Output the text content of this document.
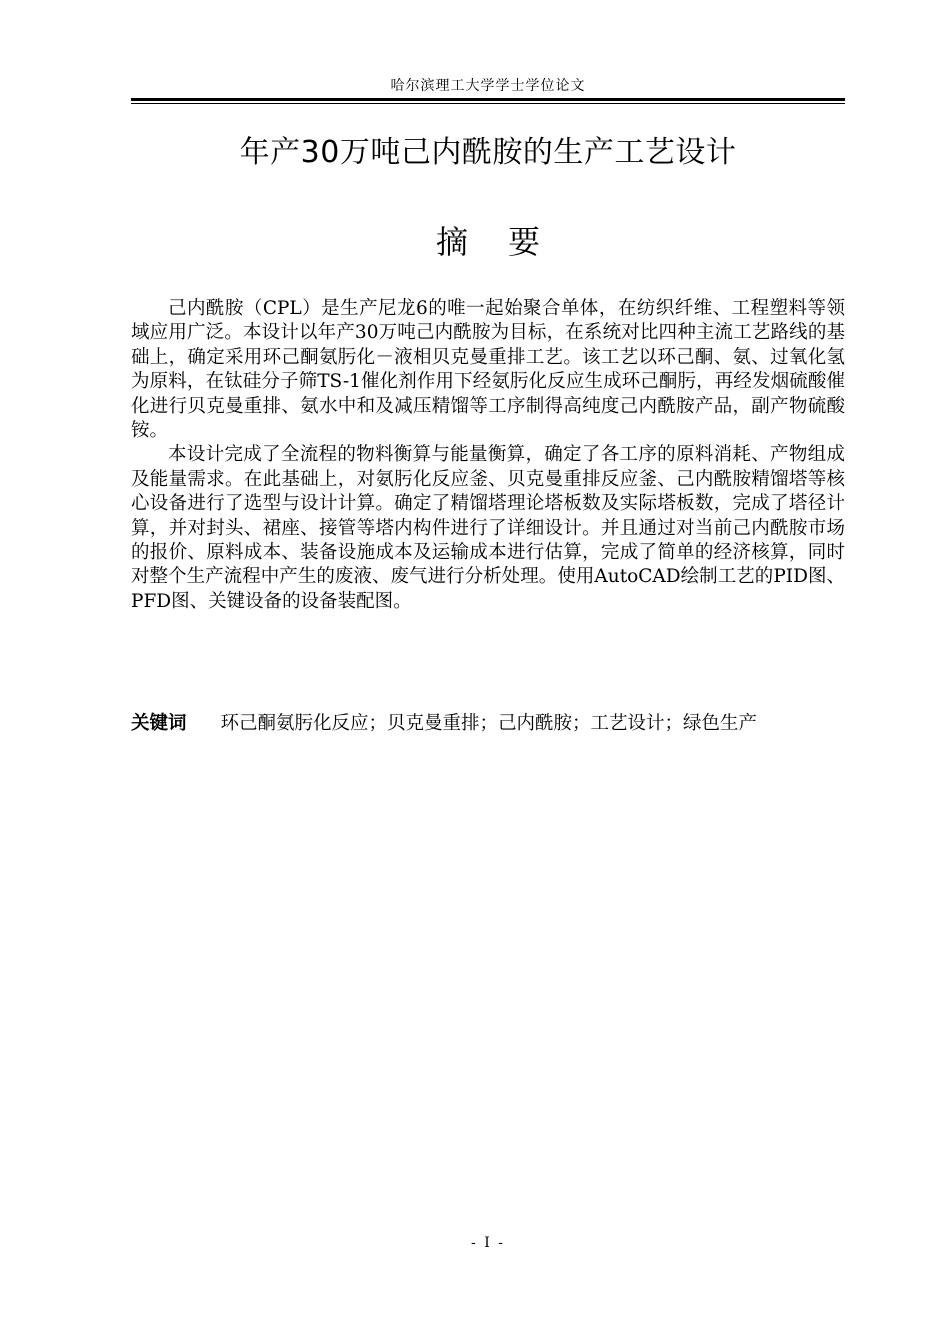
哈尔滨理工大学学士学位论文
年产30万吨己内酰胺的生产工艺设计
摘要

己内酰胺（CPL）是生产尼龙6的唯一起始聚合单体，在纺织纤维、工程塑料等领域应用广泛。本设计以年产30万吨己内酰胺为目标，在系统对比四种主流工艺路线的基础上，确定采用环己酮氨肟化－液相贝克曼重排工艺。该工艺以环己酮、氨、过氧化氢为原料，在钛硅分子筛TS-1催化剂作用下经氨肟化反应生成环己酮肟，再经发烟硫酸催化进行贝克曼重排、氨水中和及减压精馏等工序制得高纯度己内酰胺产品，副产物硫酸铵。

本设计完成了全流程的物料衡算与能量衡算，确定了各工序的原料消耗、产物组成及能量需求。在此基础上，对氨肟化反应釜、贝克曼重排反应釜、己内酰胺精馏塔等核心设备进行了选型与设计计算。确定了精馏塔理论塔板数及实际塔板数，完成了塔径计算，并对封头、裙座、接管等塔内构件进行了详细设计。并且通过对当前己内酰胺市场的报价、原料成本、装备设施成本及运输成本进行估算，完成了简单的经济核算，同时对整个生产流程中产生的废液、废气进行分析处理。使用AutoCAD绘制工艺的PID图、PFD图、关键设备的设备装配图。

关键词 环己酮氨肟化反应；贝克曼重排；己内酰胺；工艺设计；绿色生产
- I -
